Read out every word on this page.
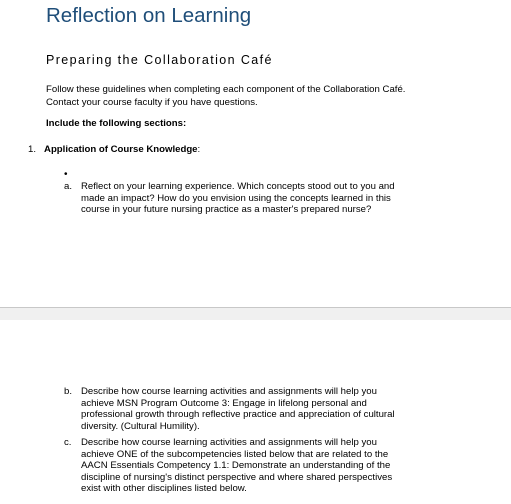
Reflection on Learning
Preparing the Collaboration Café
Follow these guidelines when completing each component of the Collaboration Café.
Contact your course faculty if you have questions.
Include the following sections:
1. Application of Course Knowledge:
•
a. Reflect on your learning experience. Which concepts stood out to you and
made an impact? How do you envision using the concepts learned in this
course in your future nursing practice as a master's prepared nurse?
b. Describe how course learning activities and assignments will help you
achieve MSN Program Outcome 3: Engage in lifelong personal and
professional growth through reflective practice and appreciation of cultural
diversity. (Cultural Humility).
c. Describe how course learning activities and assignments will help you
achieve ONE of the subcompetencies listed below that are related to the
AACN Essentials Competency 1.1: Demonstrate an understanding of the
discipline of nursing's distinct perspective and where shared perspectives
exist with other disciplines listed below.
